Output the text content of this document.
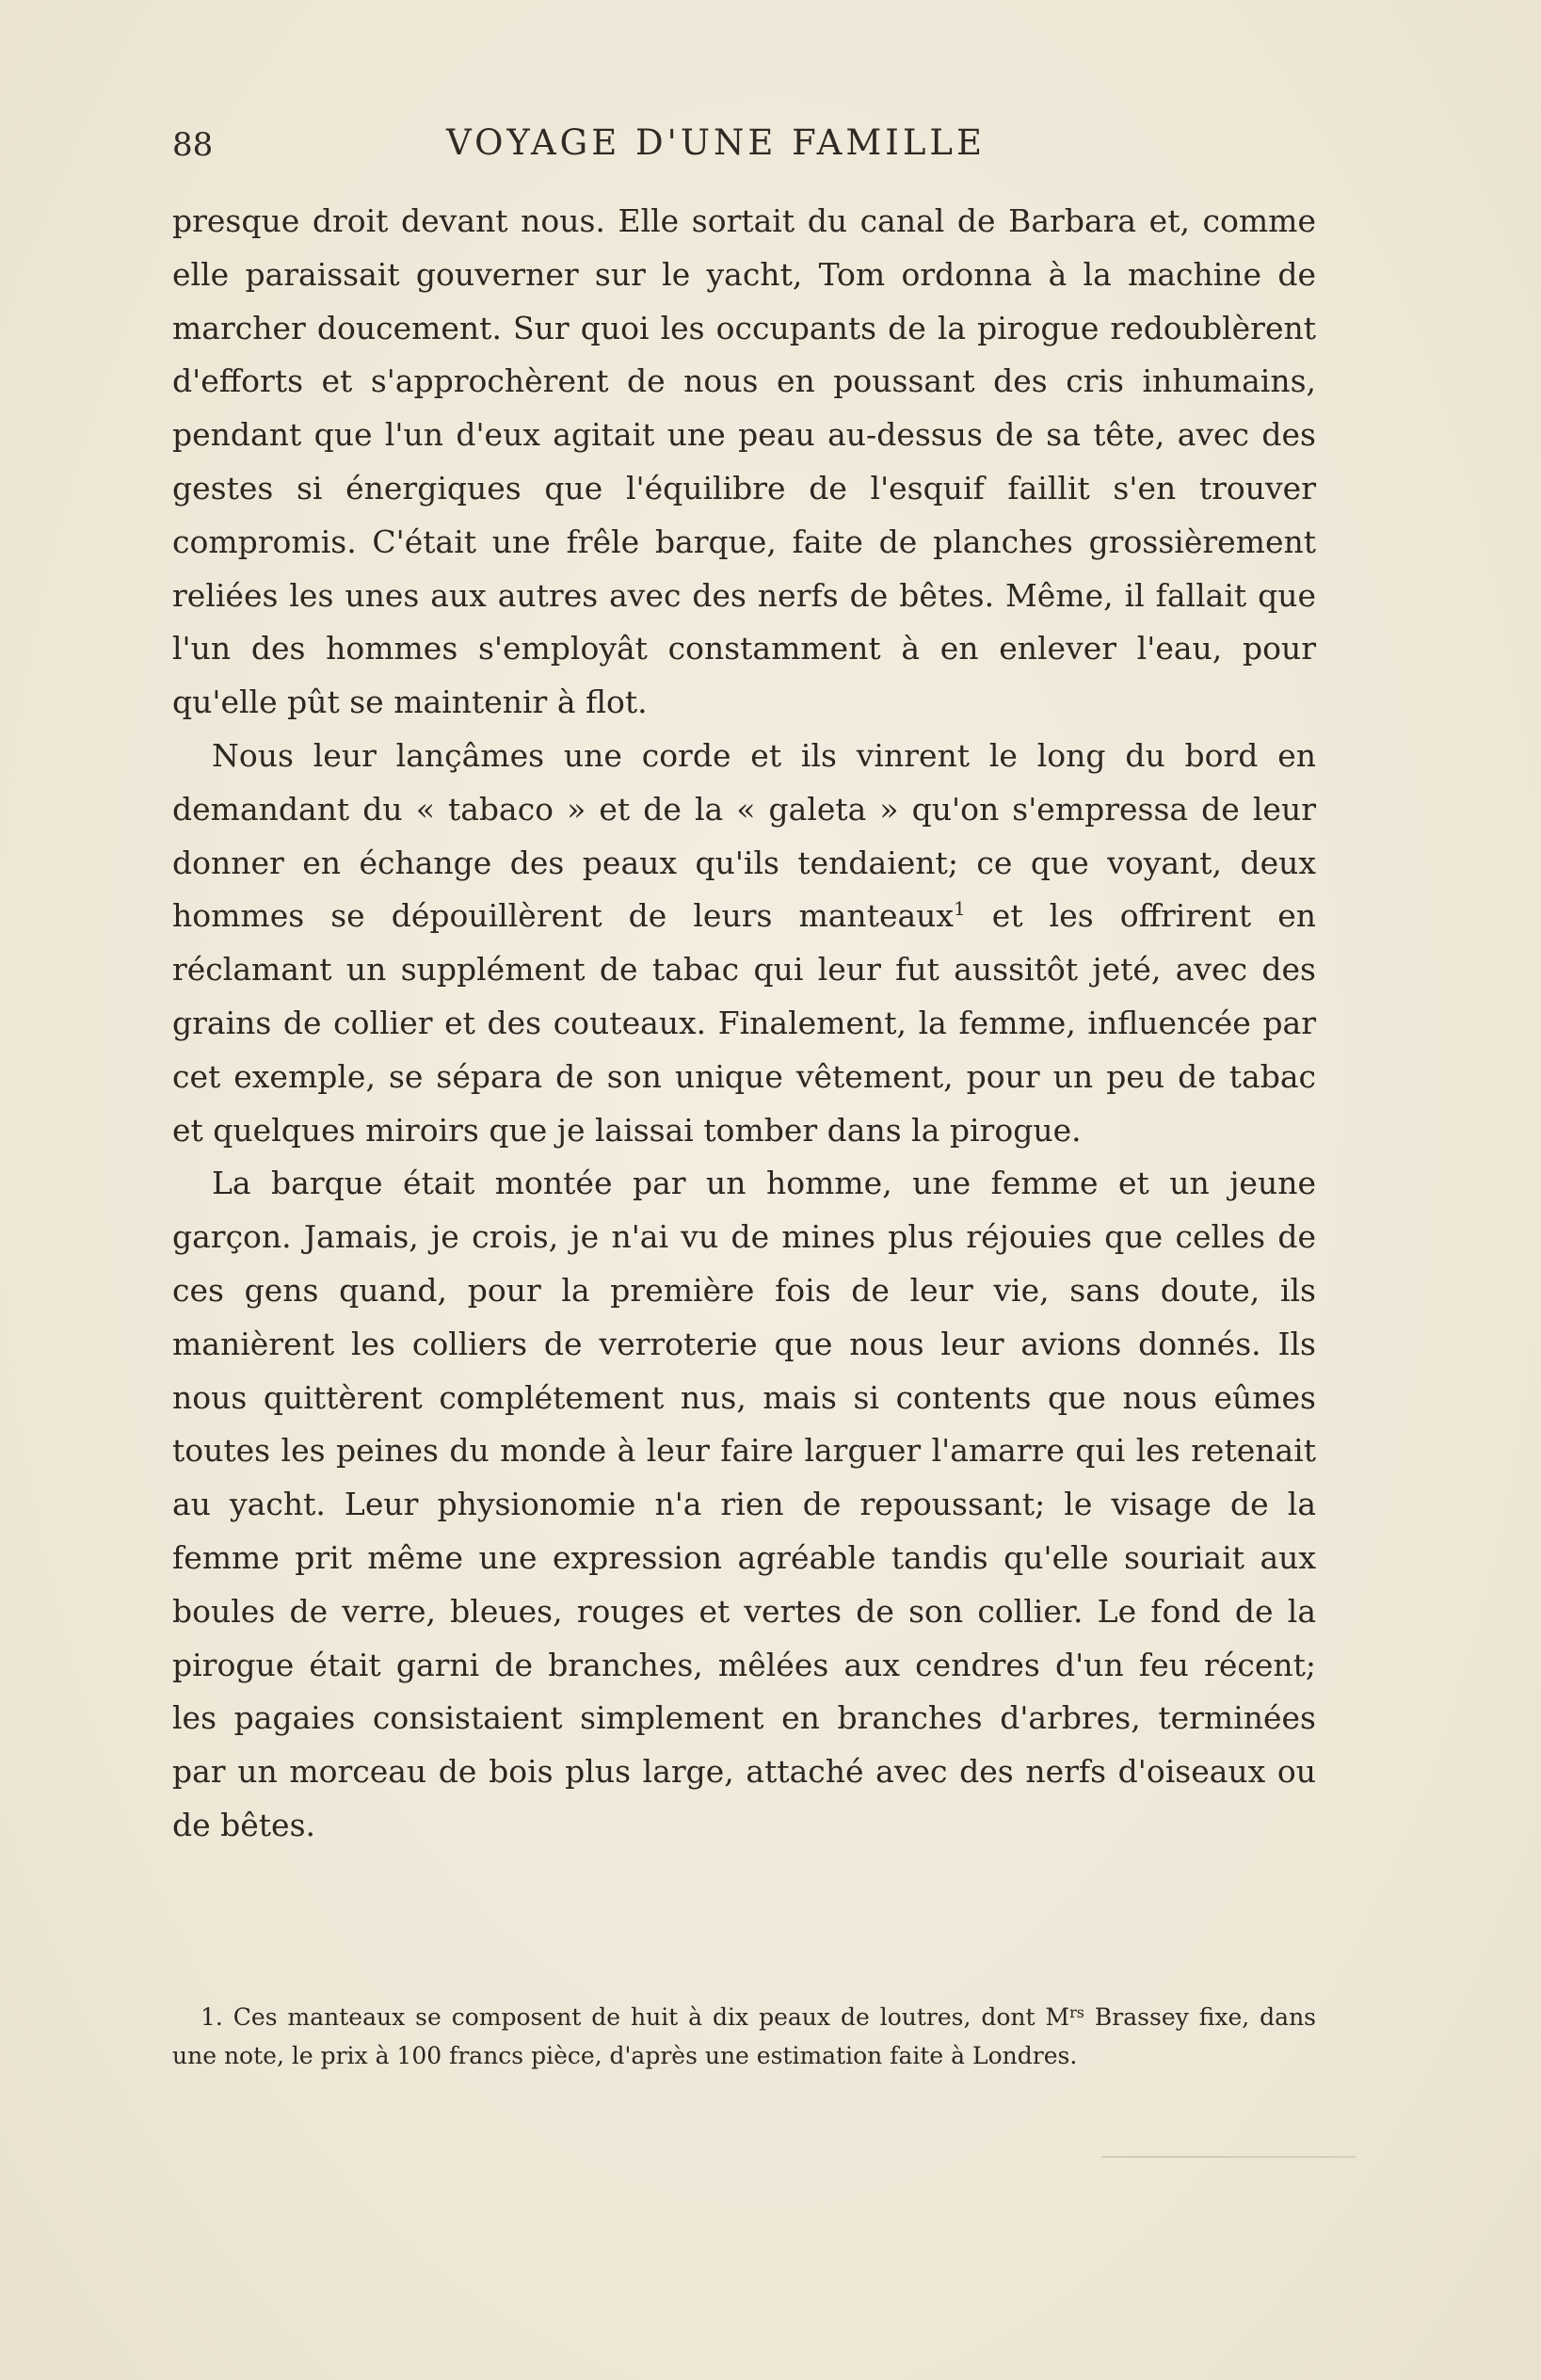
88	VOYAGE D'UNE FAMILLE

presque droit devant nous. Elle sortait du canal de Barbara et, comme elle paraissait gouverner sur le yacht, Tom ordonna à la machine de marcher doucement. Sur quoi les occupants de la pirogue redoublèrent d'efforts et s'approchèrent de nous en poussant des cris inhumains, pendant que l'un d'eux agitait une peau au-dessus de sa tête, avec des gestes si énergiques que l'équilibre de l'esquif faillit s'en trouver compromis. C'était une frêle barque, faite de planches grossièrement reliées les unes aux autres avec des nerfs de bêtes. Même, il fallait que l'un des hommes s'employât constamment à en enlever l'eau, pour qu'elle pût se maintenir à flot.

Nous leur lançâmes une corde et ils vinrent le long du bord en demandant du « tabaco » et de la « galeta » qu'on s'empressa de leur donner en échange des peaux qu'ils tendaient; ce que voyant, deux hommes se dépouillèrent de leurs manteaux$^1$ et les offrirent en réclamant un supplément de tabac qui leur fut aussitôt jeté, avec des grains de collier et des couteaux. Finalement, la femme, influencée par cet exemple, se sépara de son unique vêtement, pour un peu de tabac et quelques miroirs que je laissai tomber dans la pirogue.

La barque était montée par un homme, une femme et un jeune garçon. Jamais, je crois, je n'ai vu de mines plus réjouies que celles de ces gens quand, pour la première fois de leur vie, sans doute, ils manièrent les colliers de verroterie que nous leur avions donnés. Ils nous quittèrent complétement nus, mais si contents que nous eûmes toutes les peines du monde à leur faire larguer l'amarre qui les retenait au yacht. Leur physionomie n'a rien de repoussant; le visage de la femme prit même une expression agréable tandis qu'elle souriait aux boules de verre, bleues, rouges et vertes de son collier. Le fond de la pirogue était garni de branches, mêlées aux cendres d'un feu récent; les pagaies consistaient simplement en branches d'arbres, terminées par un morceau de bois plus large, attaché avec des nerfs d'oiseaux ou de bêtes.

1. Ces manteaux se composent de huit à dix peaux de loutres, dont $M^{rs}$ Brassey fixe, dans une note, le prix à 100 francs pièce, d'après une estimation faite à Londres.
